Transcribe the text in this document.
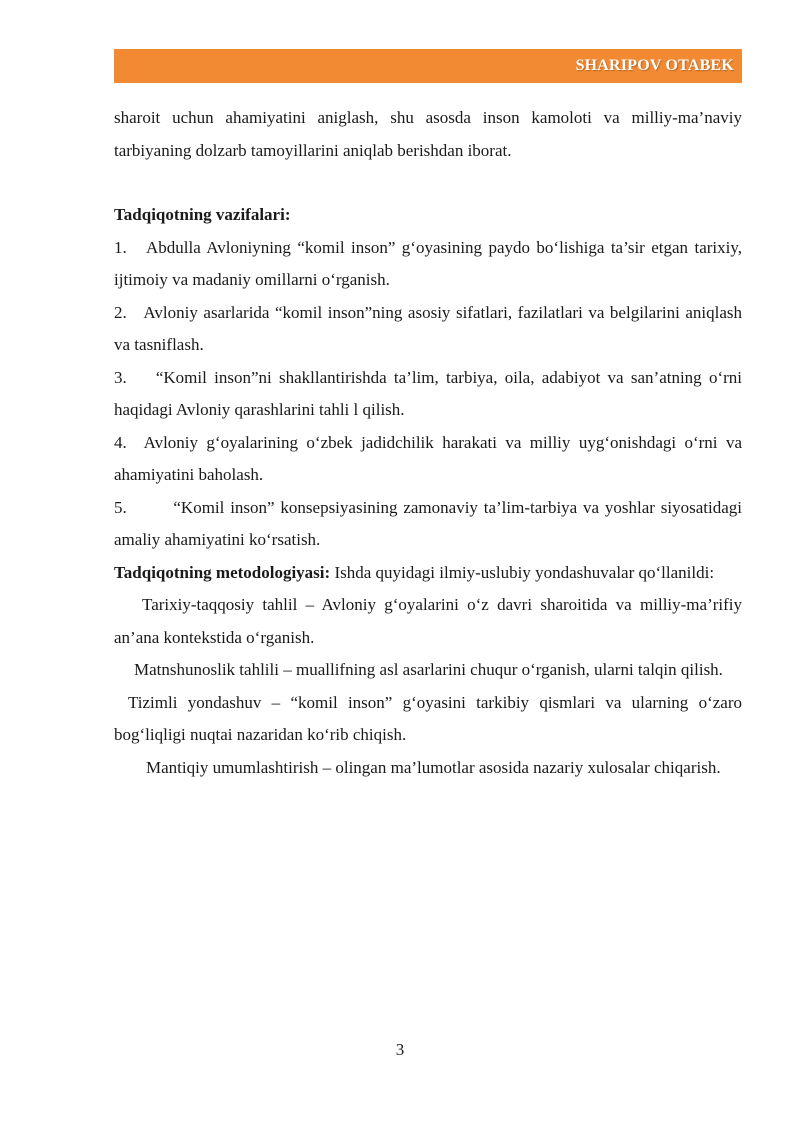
SHARIPOV OTABEK

sharoit uchun ahamiyatini aniglash, shu asosda inson kamoloti va milliy-ma’naviy tarbiyaning dolzarb tamoyillarini aniqlab berishdan iborat.

Tadqiqotning vazifalari:

1. Abdulla Avloniyning “komil inson” g‘oyasining paydo bo‘lishiga ta’sir etgan tarixiy, ijtimoiy va madaniy omillarni o‘rganish.

2. Avloniy asarlarida “komil inson”ning asosiy sifatlari, fazilatlari va belgilarini aniqlash va tasniflash.

3. “Komil inson”ni shakllantirishda ta’lim, tarbiya, oila, adabiyot va san’atning o‘rni haqidagi Avloniy qarashlarini tahli l qilish.

4. Avloniy g‘oyalarining o‘zbek jadidchilik harakati va milliy uyg‘onishdagi o‘rni va ahamiyatini baholash.

5.	“Komil inson” konsepsiyasining zamonaviy ta’lim-tarbiya va yoshlar siyosatidagi amaliy ahamiyatini ko‘rsatish.

Tadqiqotning metodologiyasi: Ishda quyidagi ilmiy-uslubiy yondashuvalar qo‘llanildi:

Tarixiy-taqqosiy tahlil – Avloniy g‘oyalarini o‘z davri sharoitida va milliy-ma’rifiy an’ana kontekstida o‘rganish.

Matnshunoslik tahlili – muallifning asl asarlarini chuqur o‘rganish, ularni talqin qilish.

Tizimli yondashuv – “komil inson” g‘oyasini tarkibiy qismlari va ularning o‘zaro bog‘liqligi nuqtai nazaridan ko‘rib chiqish.

Mantiqiy umumlashtirish – olingan ma’lumotlar asosida nazariy xulosalar chiqarish.

3
